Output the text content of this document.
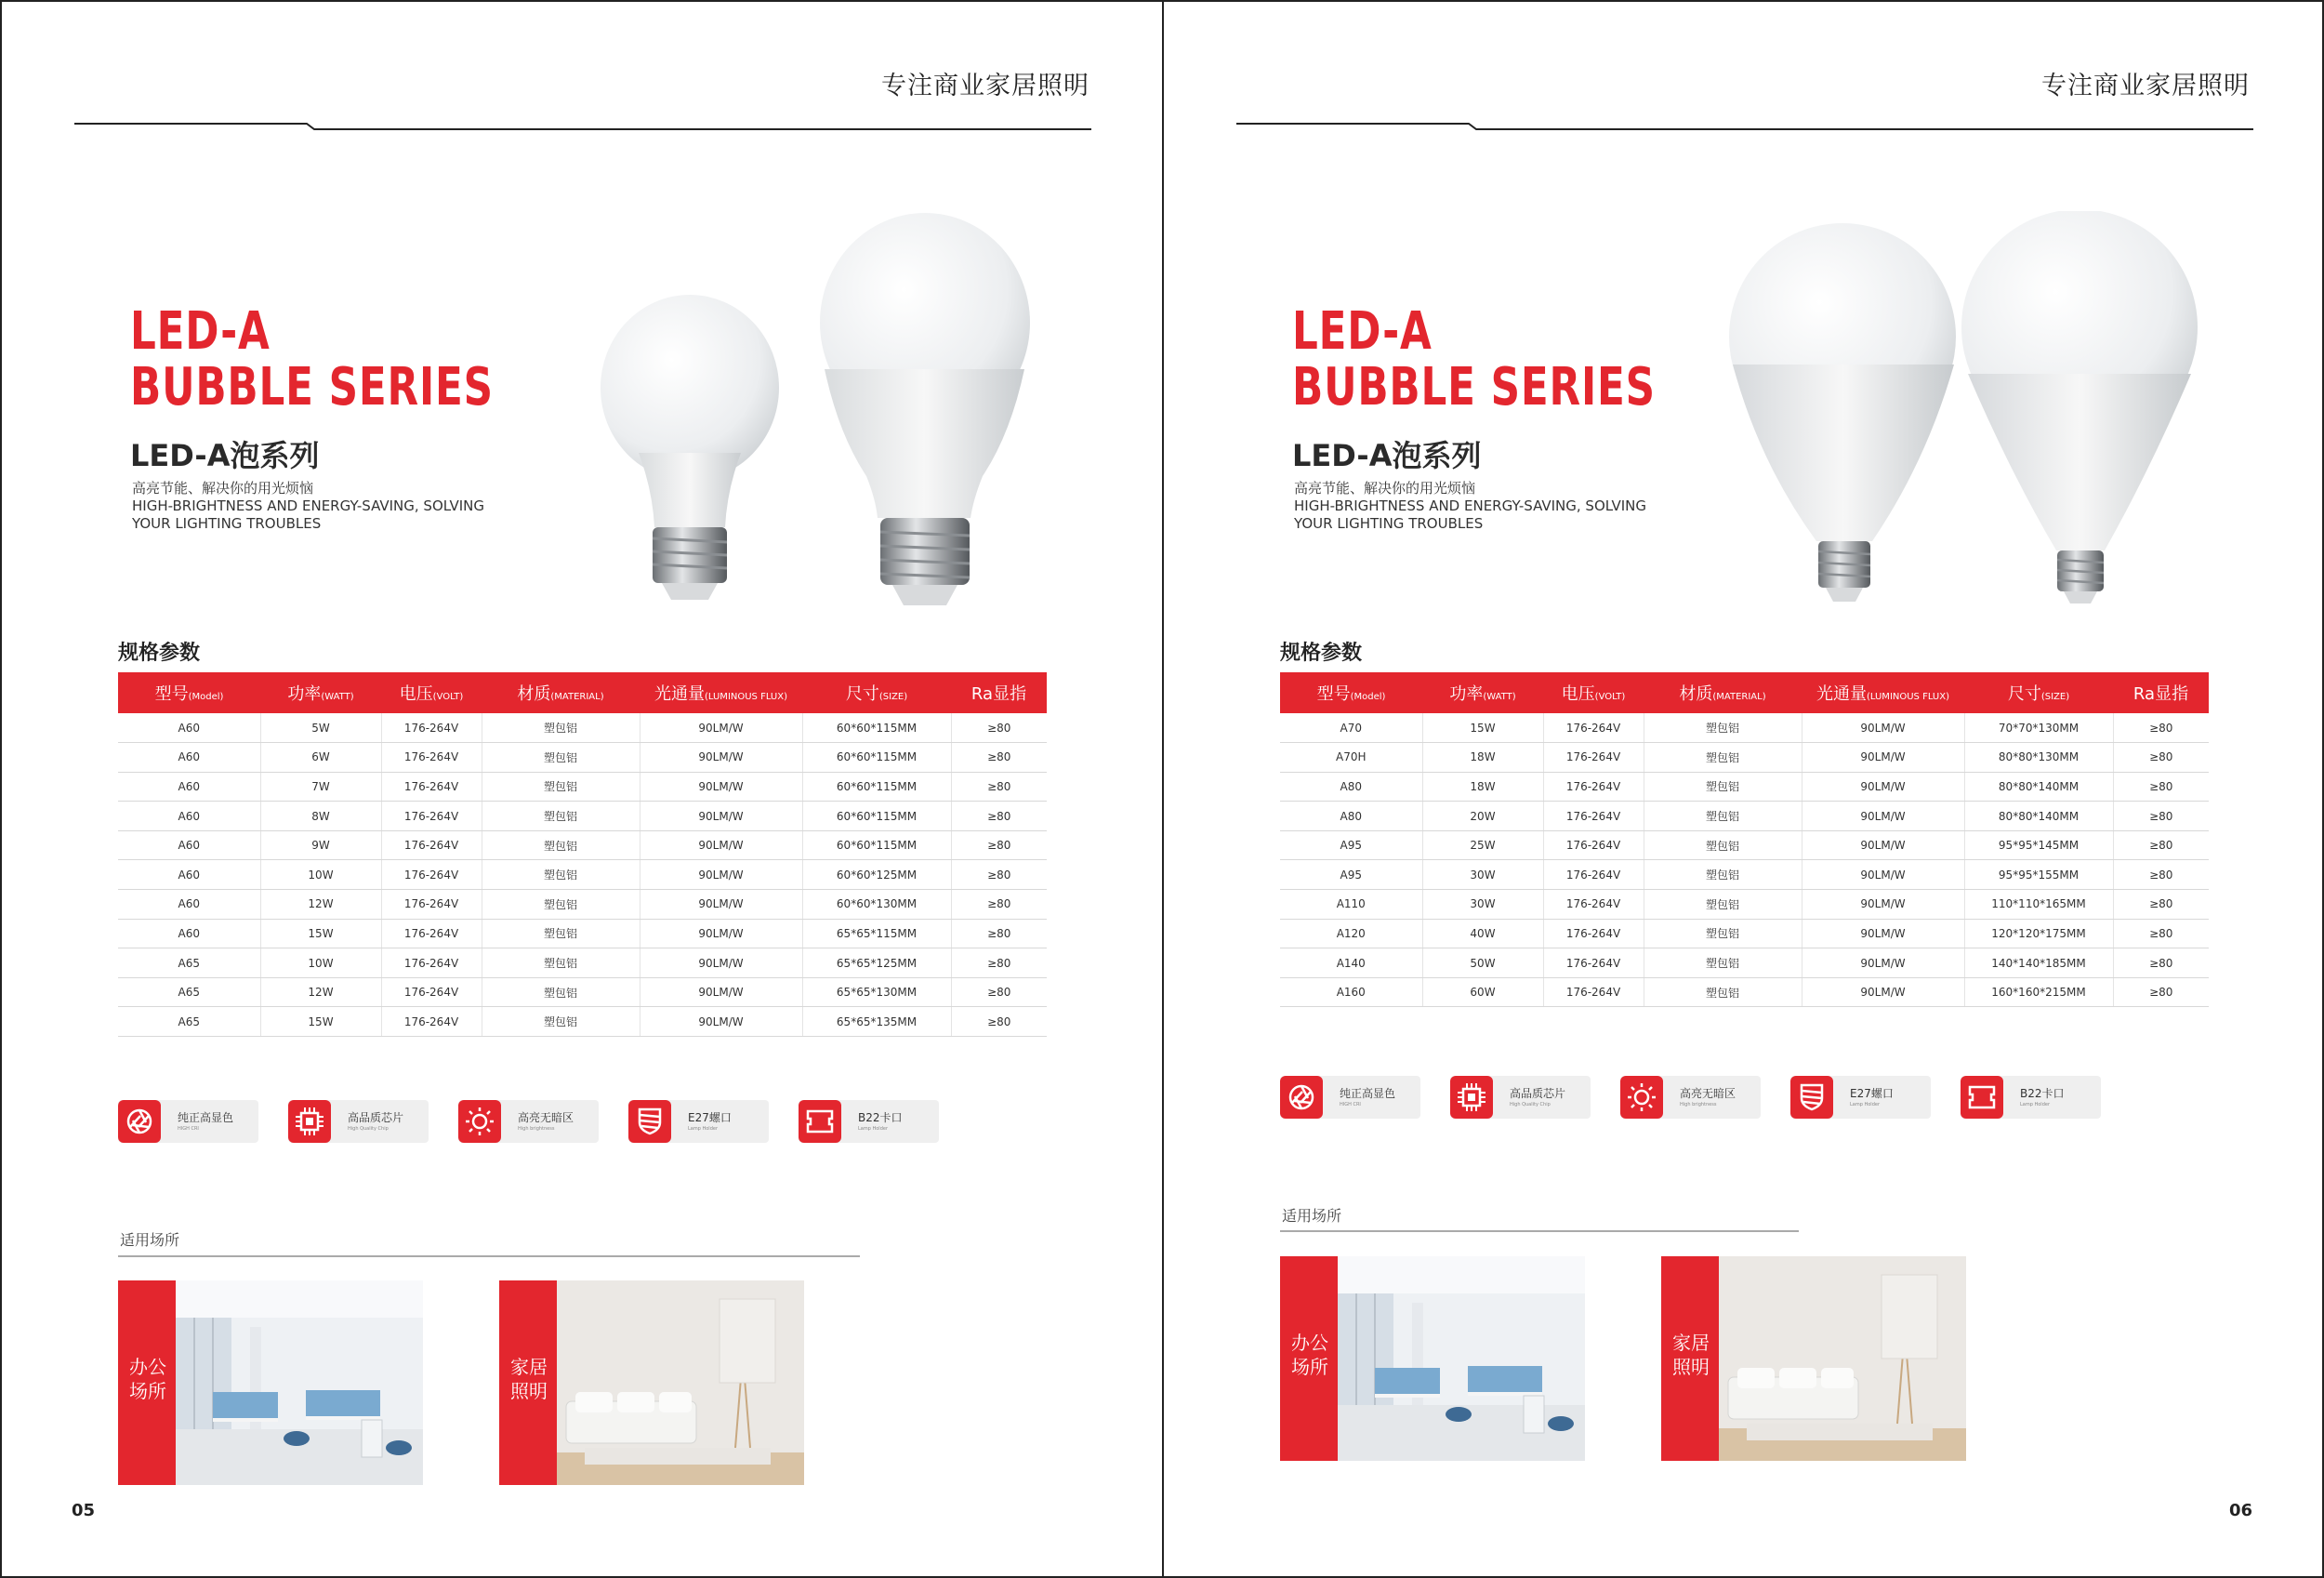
专注商业家居照明
LED-A
BUBBLE SERIES
LED-A泡系列
高亮节能、解决你的用光烦恼
HIGH-BRIGHTNESS AND ENERGY-SAVING, SOLVING
YOUR LIGHTING TROUBLES
规格参数
型号(Model)	功率(WATT)	电压(VOLT)	材质(MATERIAL)	光通量(LUMINOUS FLUX)	尺寸(SIZE)	Ra显指
A60	5W	176-264V	塑包铝	90LM/W	60*60*115MM	≥80
A60	6W	176-264V	塑包铝	90LM/W	60*60*115MM	≥80
A60	7W	176-264V	塑包铝	90LM/W	60*60*115MM	≥80
A60	8W	176-264V	塑包铝	90LM/W	60*60*115MM	≥80
A60	9W	176-264V	塑包铝	90LM/W	60*60*115MM	≥80
A60	10W	176-264V	塑包铝	90LM/W	60*60*125MM	≥80
A60	12W	176-264V	塑包铝	90LM/W	60*60*130MM	≥80
A60	15W	176-264V	塑包铝	90LM/W	65*65*115MM	≥80
A65	10W	176-264V	塑包铝	90LM/W	65*65*125MM	≥80
A65	12W	176-264V	塑包铝	90LM/W	65*65*130MM	≥80
A65	15W	176-264V	塑包铝	90LM/W	65*65*135MM	≥80
纯正高显色
HIGH CRI
高品质芯片
High Quality Chip
高亮无暗区
High brightness
E27螺口
Lamp Holder
B22卡口
Lamp Holder
适用场所
办公
场所
家居
照明
05
专注商业家居照明
LED-A
BUBBLE SERIES
LED-A泡系列
高亮节能、解决你的用光烦恼
HIGH-BRIGHTNESS AND ENERGY-SAVING, SOLVING
YOUR LIGHTING TROUBLES
规格参数
型号(Model)	功率(WATT)	电压(VOLT)	材质(MATERIAL)	光通量(LUMINOUS FLUX)	尺寸(SIZE)	Ra显指
A70	15W	176-264V	塑包铝	90LM/W	70*70*130MM	≥80
A70H	18W	176-264V	塑包铝	90LM/W	80*80*130MM	≥80
A80	18W	176-264V	塑包铝	90LM/W	80*80*140MM	≥80
A80	20W	176-264V	塑包铝	90LM/W	80*80*140MM	≥80
A95	25W	176-264V	塑包铝	90LM/W	95*95*145MM	≥80
A95	30W	176-264V	塑包铝	90LM/W	95*95*155MM	≥80
A110	30W	176-264V	塑包铝	90LM/W	110*110*165MM	≥80
A120	40W	176-264V	塑包铝	90LM/W	120*120*175MM	≥80
A140	50W	176-264V	塑包铝	90LM/W	140*140*185MM	≥80
A160	60W	176-264V	塑包铝	90LM/W	160*160*215MM	≥80
纯正高显色
HIGH CRI
高品质芯片
High Quality Chip
高亮无暗区
High brightness
E27螺口
Lamp Holder
B22卡口
Lamp Holder
适用场所
办公
场所
家居
照明
06
